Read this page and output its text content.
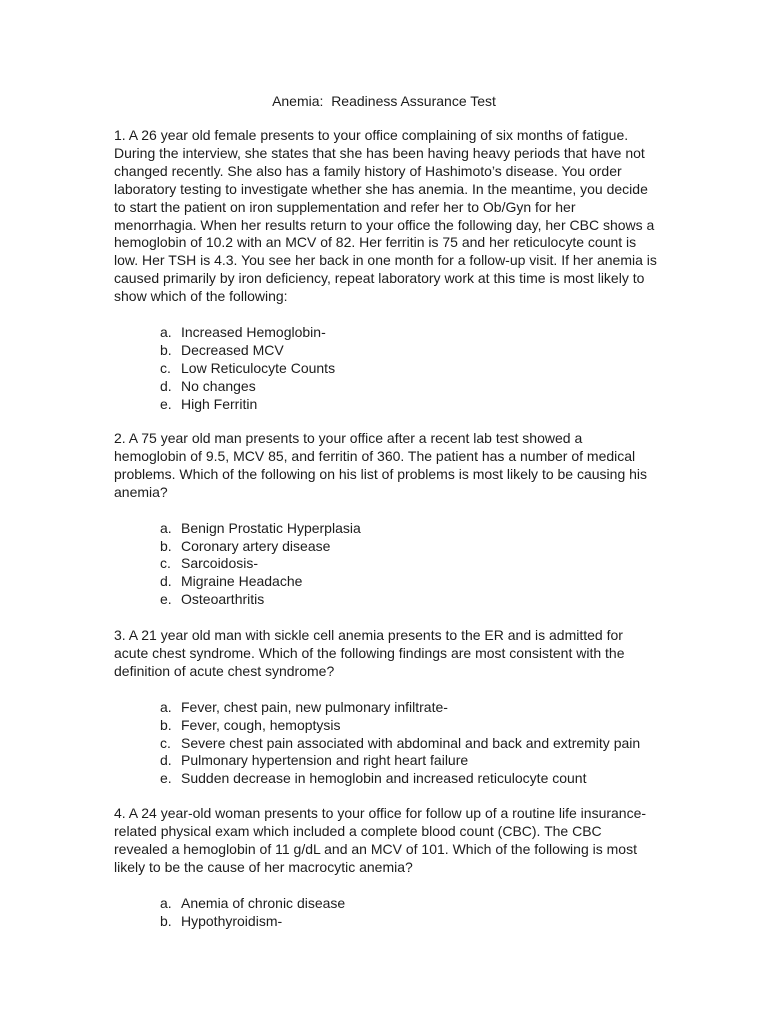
Anemia:  Readiness Assurance Test

1. A 26 year old female presents to your office complaining of six months of fatigue. During the interview, she states that she has been having heavy periods that have not changed recently. She also has a family history of Hashimoto’s disease. You order laboratory testing to investigate whether she has anemia. In the meantime, you decide to start the patient on iron supplementation and refer her to Ob/Gyn for her menorrhagia. When her results return to your office the following day, her CBC shows a hemoglobin of 10.2 with an MCV of 82. Her ferritin is 75 and her reticulocyte count is low. Her TSH is 4.3. You see her back in one month for a follow-up visit. If her anemia is caused primarily by iron deficiency, repeat laboratory work at this time is most likely to show which of the following:

a. Increased Hemoglobin-
b. Decreased MCV
c. Low Reticulocyte Counts
d. No changes
e. High Ferritin

2. A 75 year old man presents to your office after a recent lab test showed a hemoglobin of 9.5, MCV 85, and ferritin of 360. The patient has a number of medical problems. Which of the following on his list of problems is most likely to be causing his anemia?

a. Benign Prostatic Hyperplasia
b. Coronary artery disease
c. Sarcoidosis-
d. Migraine Headache
e. Osteoarthritis

3. A 21 year old man with sickle cell anemia presents to the ER and is admitted for acute chest syndrome. Which of the following findings are most consistent with the definition of acute chest syndrome?

a. Fever, chest pain, new pulmonary infiltrate-
b. Fever, cough, hemoptysis
c. Severe chest pain associated with abdominal and back and extremity pain
d. Pulmonary hypertension and right heart failure
e. Sudden decrease in hemoglobin and increased reticulocyte count

4. A 24 year-old woman presents to your office for follow up of a routine life insurance-related physical exam which included a complete blood count (CBC). The CBC revealed a hemoglobin of 11 g/dL and an MCV of 101. Which of the following is most likely to be the cause of her macrocytic anemia?

a. Anemia of chronic disease
b. Hypothyroidism-
